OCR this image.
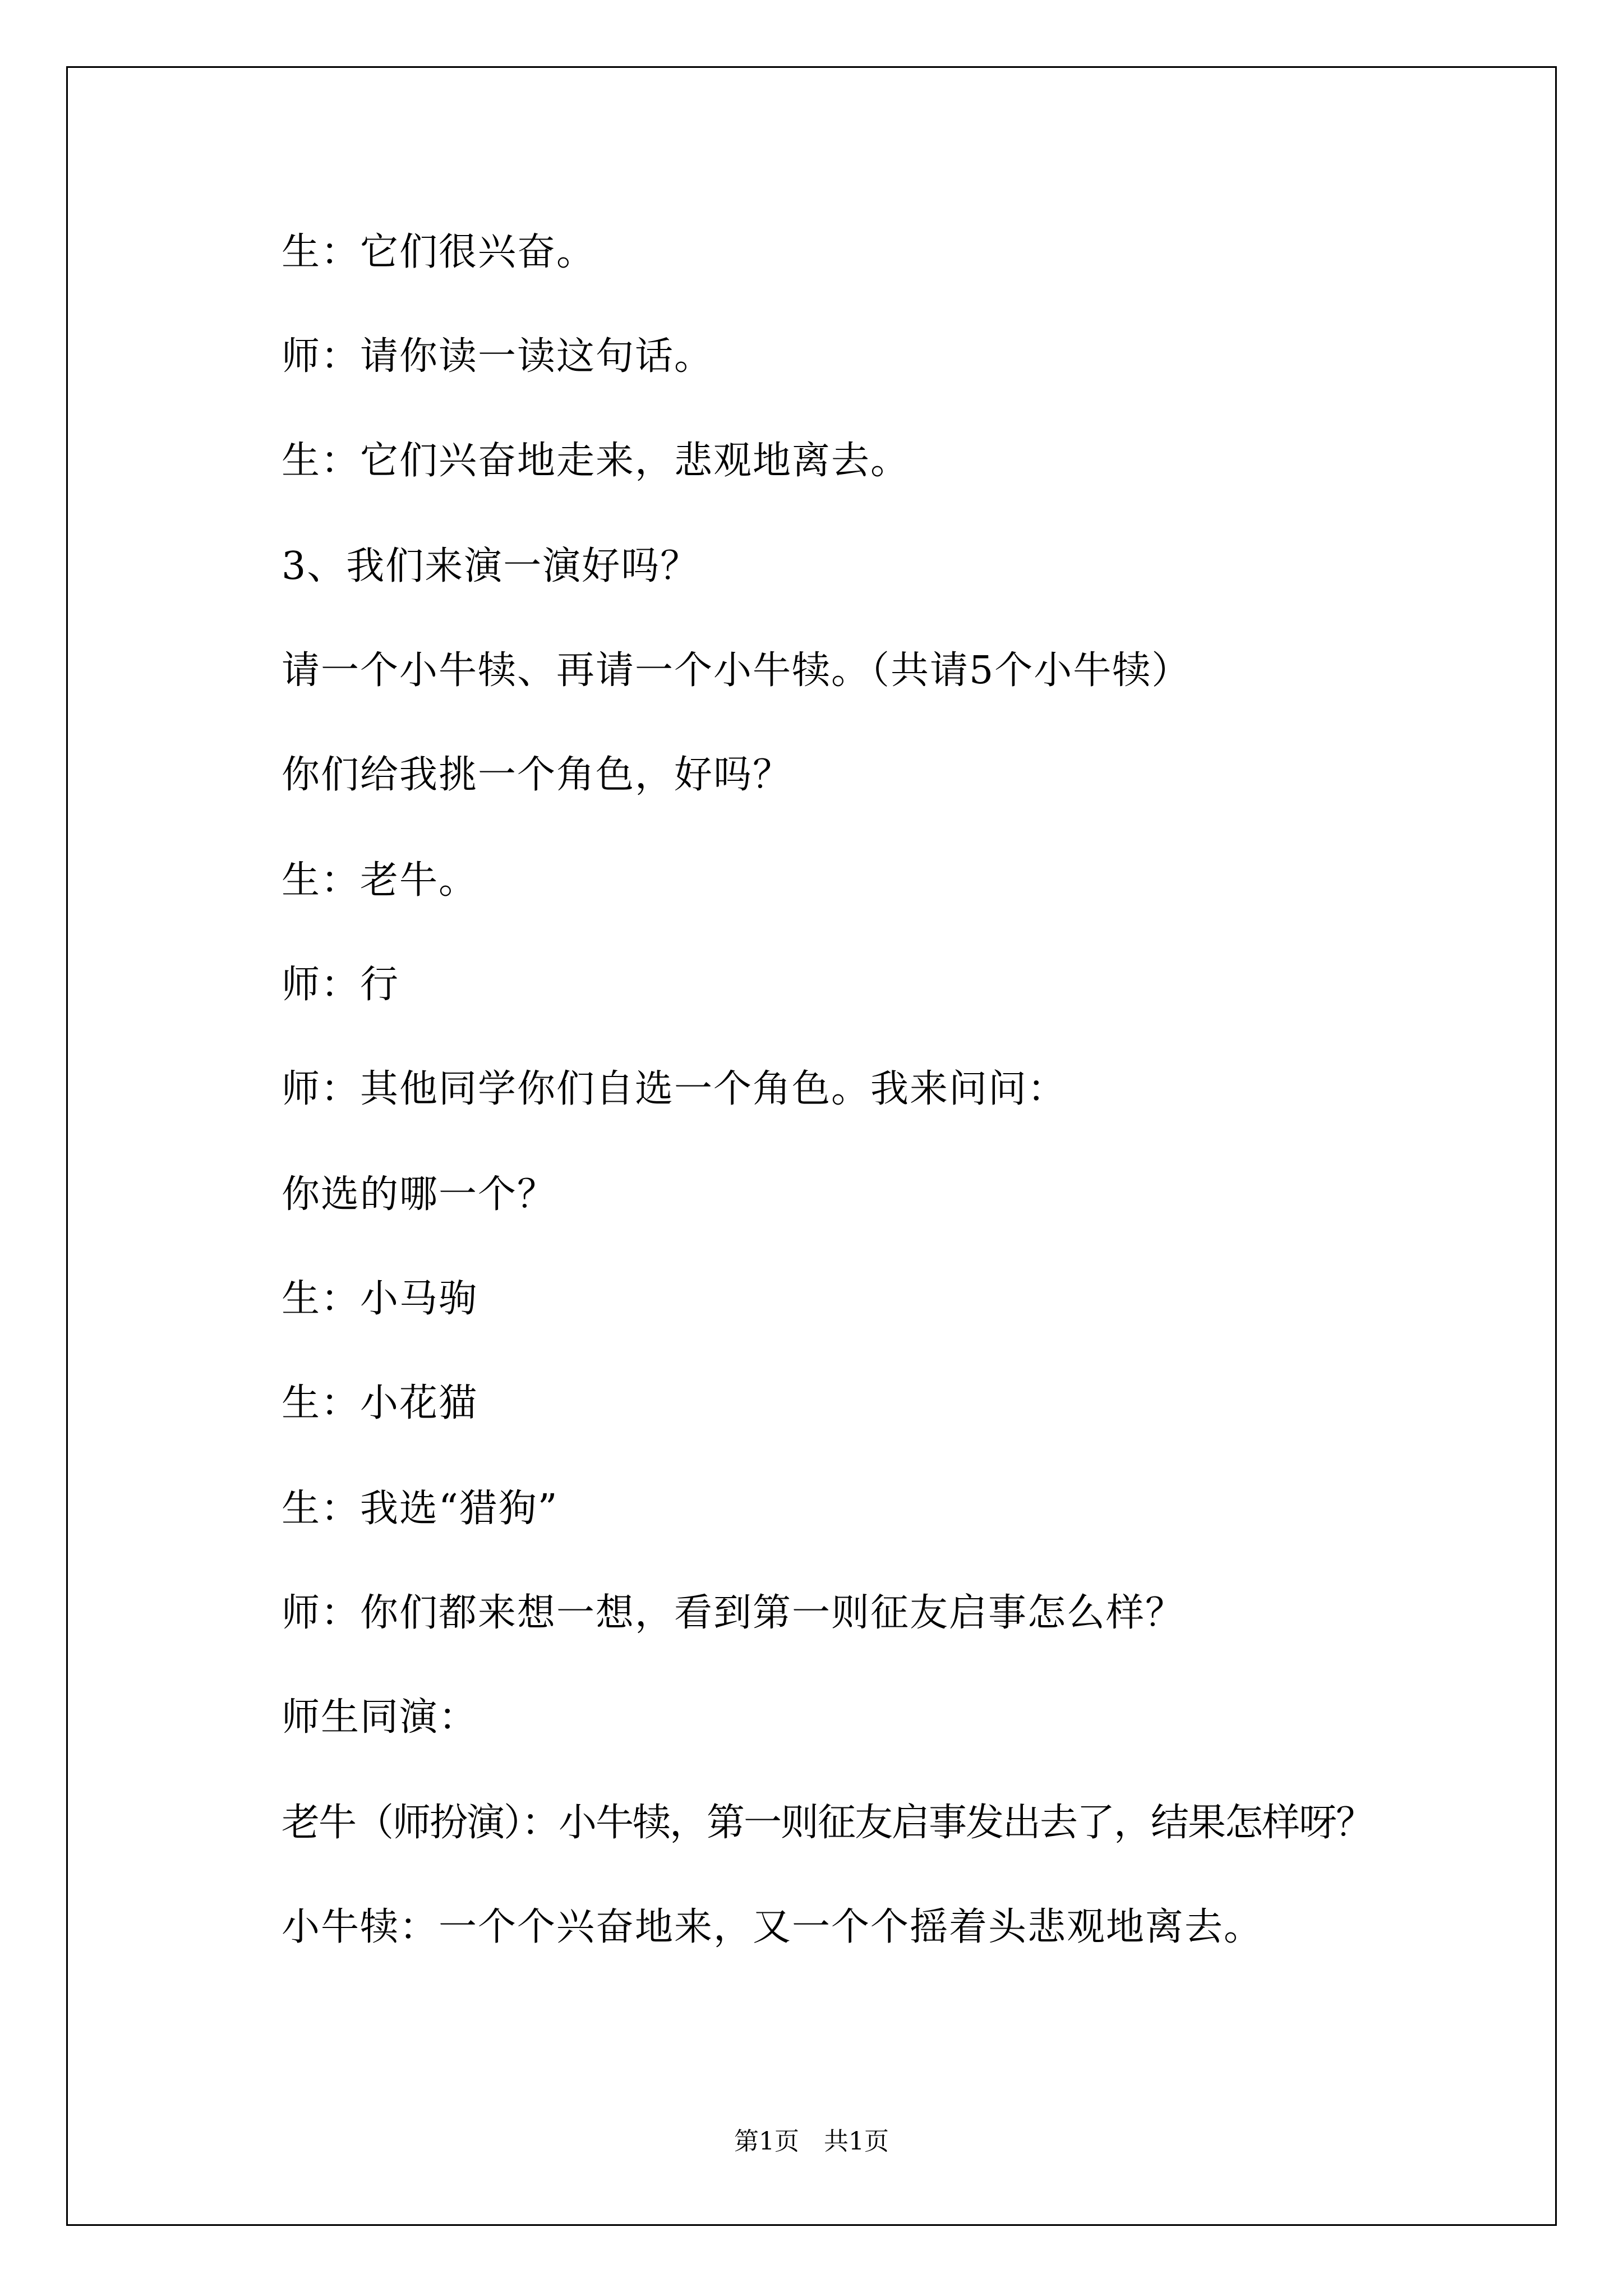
生：它们很兴奋。
师：请你读一读这句话。
生：它们兴奋地走来，悲观地离去。
3、我们来演一演好吗？
请一个小牛犊、再请一个小牛犊。（共请5个小牛犊）
你们给我挑一个角色，好吗？
生：老牛。
师：行
师：其他同学你们自选一个角色。我来问问：
你选的哪一个？
生：小马驹
生：小花猫
生：我选“猎狗”
师：你们都来想一想，看到第一则征友启事怎么样？
师生同演：
老牛（师扮演）：小牛犊，第一则征友启事发出去了，结果怎样呀？
小牛犊：一个个兴奋地来，又一个个摇着头悲观地离去。
第1页　共1页
